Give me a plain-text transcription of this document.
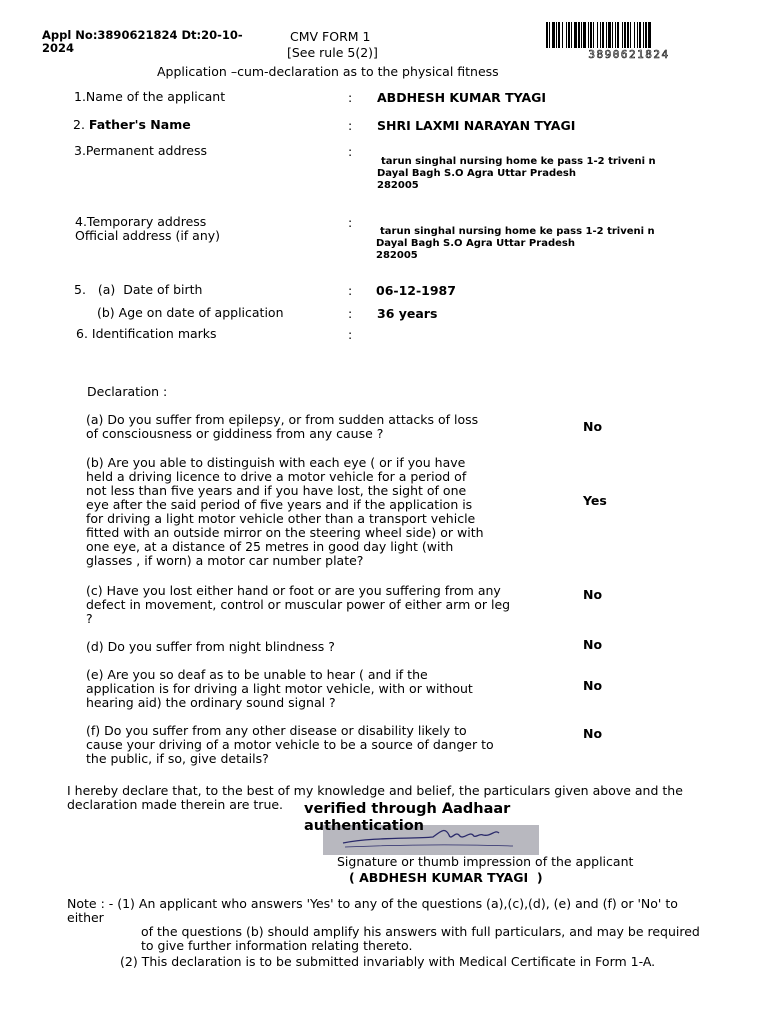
Appl No:3890621824 Dt:20-10-2024
CMV FORM 1
[See rule 5(2)]	3890621824
Application –cum-declaration as to the physical fitness
1.Name of the applicant	: ABDHESH KUMAR TYAGI
2. Father's Name	: SHRI LAXMI NARAYAN TYAGI
3.Permanent address	:
tarun singhal nursing home ke pass 1-2 triveni n
Dayal Bagh S.O Agra Uttar Pradesh
282005
4.Temporary address
Official address (if any)
:
tarun singhal nursing home ke pass 1-2 triveni n
Dayal Bagh S.O Agra Uttar Pradesh
282005
5.   (a)  Date of birth	: 06-12-1987
(b) Age on date of application	: 36 years
6. Identification marks	:
Declaration :
(a) Do you suffer from epilepsy, or from sudden attacks of loss of consciousness or giddiness from any cause ?	No
(b) Are you able to distinguish with each eye ( or if you have held a driving licence to drive a motor vehicle for a period of not less than five years and if you have lost, the sight of one eye after the said period of five years and if the application is for driving a light motor vehicle other than a transport vehicle fitted with an outside mirror on the steering wheel side) or with one eye, at a distance of 25 metres in good day light (with glasses , if worn) a motor car number plate?
Yes
(c) Have you lost either hand or foot or are you suffering from any defect in movement, control or muscular power of either arm or leg ?
No
(d) Do you suffer from night blindness ?	No
(e) Are you so deaf as to be unable to hear ( and if the application is for driving a light motor vehicle, with or without hearing aid) the ordinary sound signal ?
No
(f) Do you suffer from any other disease or disability likely to cause your driving of a motor vehicle to be a source of danger to the public, if so, give details?
No
I hereby declare that, to the best of my knowledge and belief, the particulars given above and the declaration made therein are true.	verified through Aadhaar authentication
Signature or thumb impression of the applicant
( ABDHESH KUMAR TYAGI  )
Note : - (1) An applicant who answers 'Yes' to any of the questions (a),(c),(d), (e) and (f) or 'No' to either
of the questions (b) should amplify his answers with full particulars, and may be required to give further information relating thereto.
(2) This declaration is to be submitted invariably with Medical Certificate in Form 1-A.
